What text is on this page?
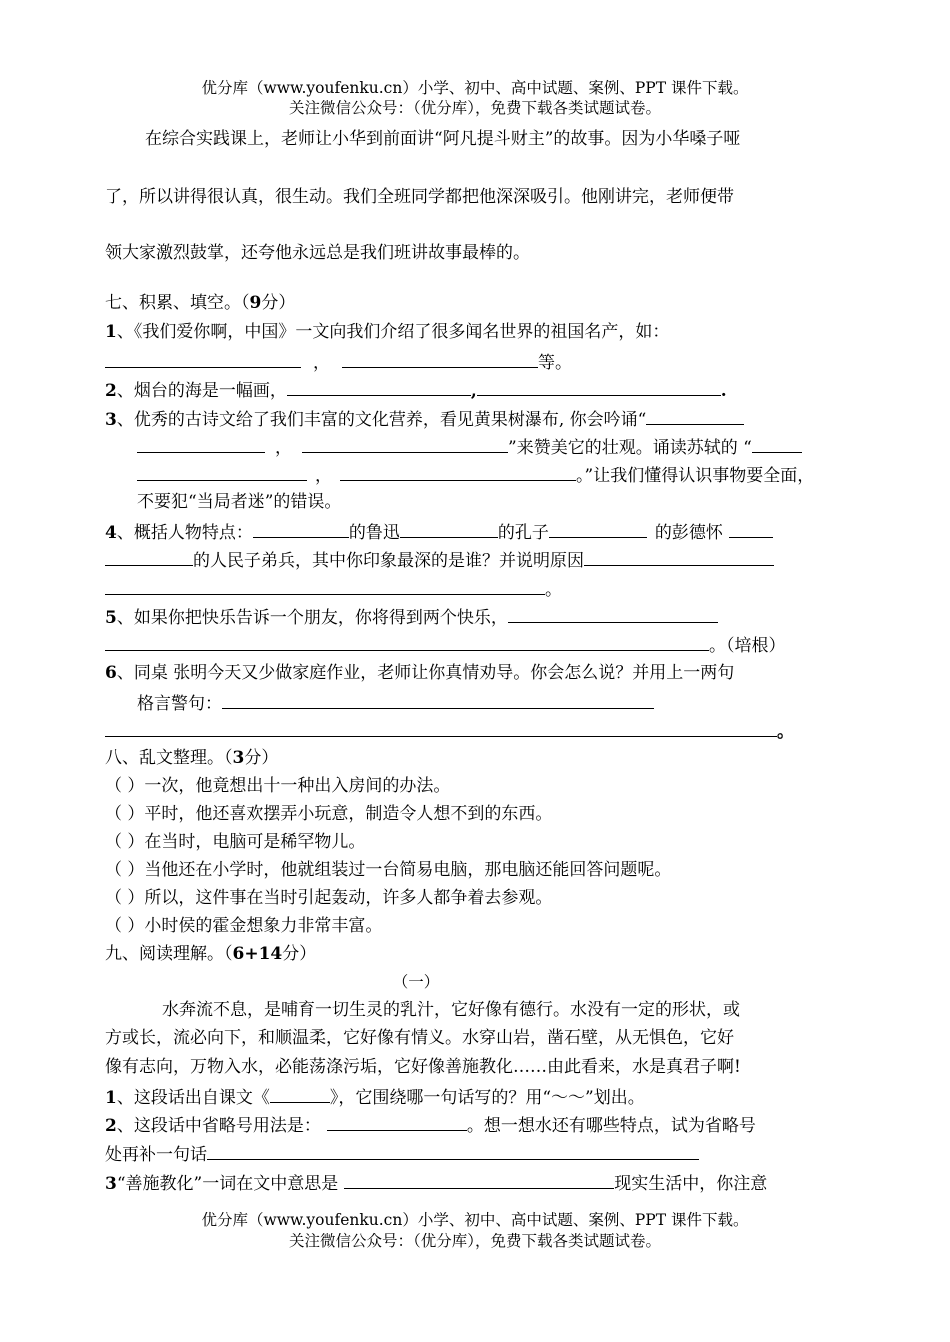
优分库（www.youfenku.cn）小学、初中、高中试题、案例、PPT 课件下载。
关注微信公众号：（优分库），免费下载各类试题试卷。
在综合实践课上，老师让小华到前面讲“阿凡提斗财主”的故事。因为小华嗓子哑
了，所以讲得很认真，很生动。我们全班同学都把他深深吸引。他刚讲完，老师便带
领大家激烈鼓掌，还夸他永远总是我们班讲故事最棒的。
七、积累、填空。（9分）
1、《我们爱你啊，中国》一文向我们介绍了很多闻名世界的祖国名产，如：
，	等。
2、烟台的海是一幅画，	,	.
3、优秀的古诗文给了我们丰富的文化营养，看见黄果树瀑布, 你会吟诵“
，	”来赞美它的壮观。诵读苏轼的 “
，	。”让我们懂得认识事物要全面，
不要犯“当局者迷”的错误。
4、概括人物特点：	的鲁迅	的孔子	的彭德怀
的人民子弟兵，其中你印象最深的是谁？并说明原因
。
5、如果你把快乐告诉一个朋友，你将得到两个快乐，
。（培根）
6、同桌 张明今天又少做家庭作业，老师让你真情劝导。你会怎么说？并用上一两句
格言警句：
。
八、乱文整理。（3分）
（ ）一次，他竟想出十一种出入房间的办法。
（ ）平时，他还喜欢摆弄小玩意，制造令人想不到的东西。
（ ）在当时，电脑可是稀罕物儿。
（ ）当他还在小学时，他就组装过一台简易电脑，那电脑还能回答问题呢。
（ ）所以，这件事在当时引起轰动，许多人都争着去参观。
（ ）小时侯的霍金想象力非常丰富。
九、阅读理解。（6+14分）
（一）
水奔流不息，是哺育一切生灵的乳汁，它好像有德行。水没有一定的形状，或
方或长，流必向下，和顺温柔，它好像有情义。水穿山岩，凿石壁，从无惧色，它好
像有志向，万物入水，必能荡涤污垢，它好像善施教化……由此看来，水是真君子啊!
1、这段话出自课文《	》，它围绕哪一句话写的？用“～～”划出。
2、这段话中省略号用法是：	。想一想水还有哪些特点，试为省略号
处再补一句话
3“善施教化”一词在文中意思是	现实生活中，你注意
优分库（www.youfenku.cn）小学、初中、高中试题、案例、PPT 课件下载。
关注微信公众号：（优分库），免费下载各类试题试卷。
